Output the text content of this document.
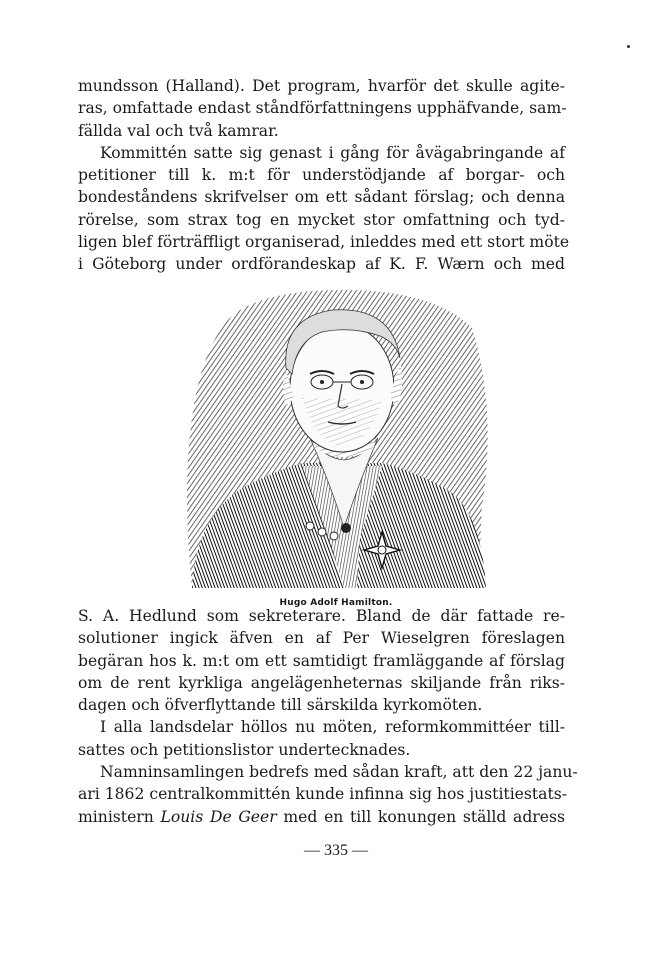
mundsson (Halland). Det program, hvarför det skulle agite-
ras, omfattade endast ståndförfattningens upphäfvande, sam-
fällda val och två kamrar.
Kommittén satte sig genast i gång för åvägabringande af
petitioner till k. m:t för understödjande af borgar- och
bondeståndens skrifvelser om ett sådant förslag; och denna
rörelse, som strax tog en mycket stor omfattning och tyd-
ligen blef förträffligt organiserad, inleddes med ett stort möte
i Göteborg under ordförandeskap af K. F. Wærn och med
Hugo Adolf Hamilton.
S. A. Hedlund som sekreterare. Bland de där fattade re-
solutioner ingick äfven en af Per Wieselgren föreslagen
begäran hos k. m:t om ett samtidigt framläggande af förslag
om de rent kyrkliga angelägenheternas skiljande från riks-
dagen och öfverflyttande till särskilda kyrkomöten.
I alla landsdelar höllos nu möten, reformkommittéer till-
sattes och petitionslistor undertecknades.
Namninsamlingen bedrefs med sådan kraft, att den 22 janu-
ari 1862 centralkommittén kunde infinna sig hos justitiestats-
ministern Louis De Geer med en till konungen ställd adress
— 335 —
